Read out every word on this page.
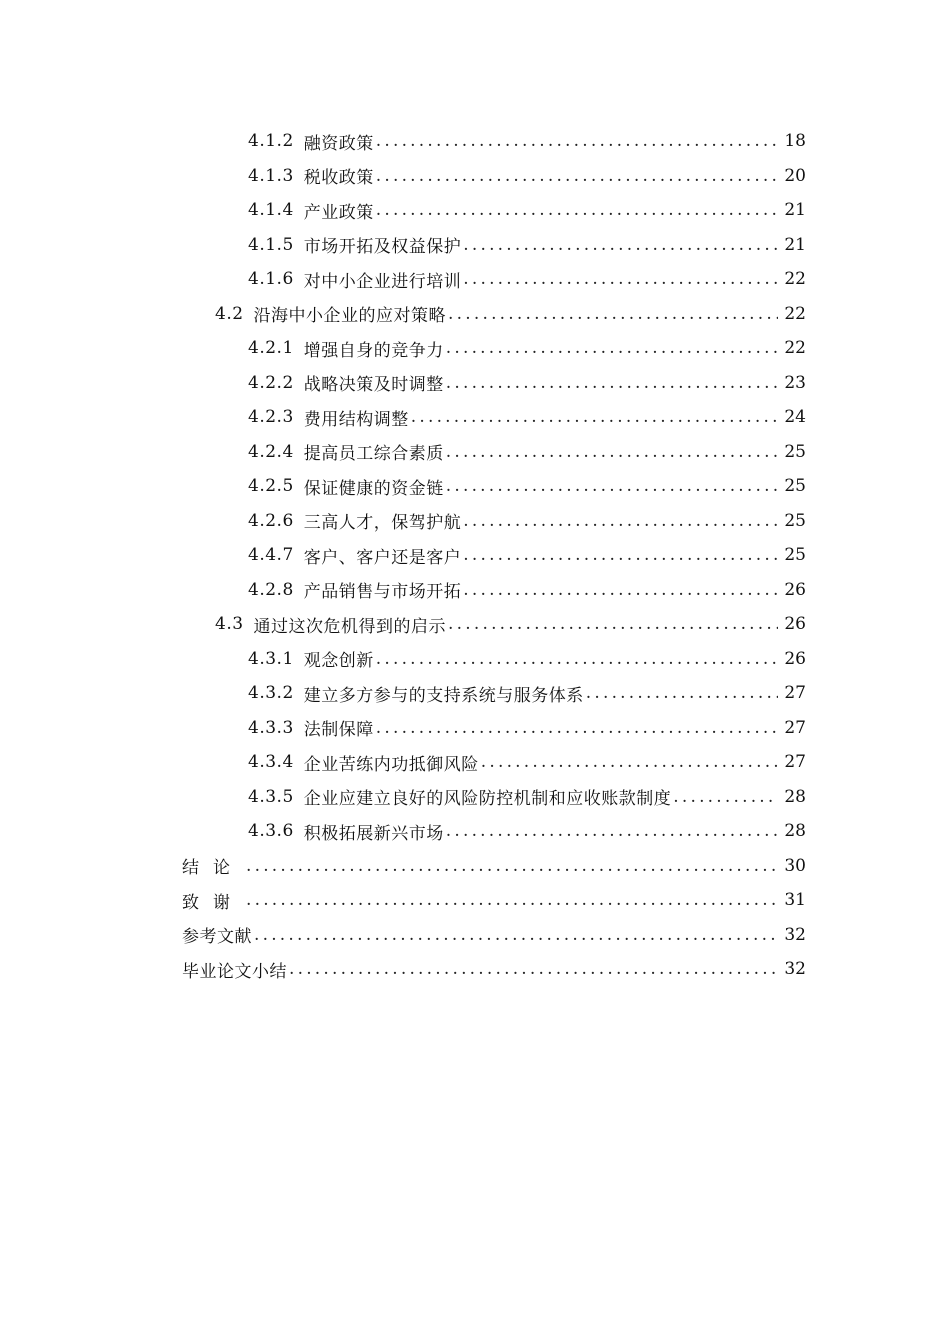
4.1.2 融资政策 .....	18
4.1.3 税收政策 .....	20
4.1.4 产业政策 .....	21
4.1.5 市场开拓及权益保护 .....	21
4.1.6 对中小企业进行培训 .....	22
4.2 沿海中小企业的应对策略 .....	22
4.2.1 增强自身的竞争力 .....	22
4.2.2 战略决策及时调整 .....	23
4.2.3 费用结构调整 .....	24
4.2.4 提高员工综合素质 .....	25
4.2.5 保证健康的资金链 .....	25
4.2.6 三高人才，保驾护航 .....	25
4.4.7 客户、客户还是客户 .....	25
4.2.8 产品销售与市场开拓 .....	26
4.3 通过这次危机得到的启示 .....	26
4.3.1 观念创新 .....	26
4.3.2 建立多方参与的支持系统与服务体系 .....	27
4.3.3 法制保障 .....	27
4.3.4 企业苦练内功抵御风险 .....	27
4.3.5 企业应建立良好的风险防控机制和应收账款制度 .....	28
4.3.6 积极拓展新兴市场 .....	28
结论 .....	30
致谢 .....	31
参考文献 .....	32
毕业论文小结 .....	32
